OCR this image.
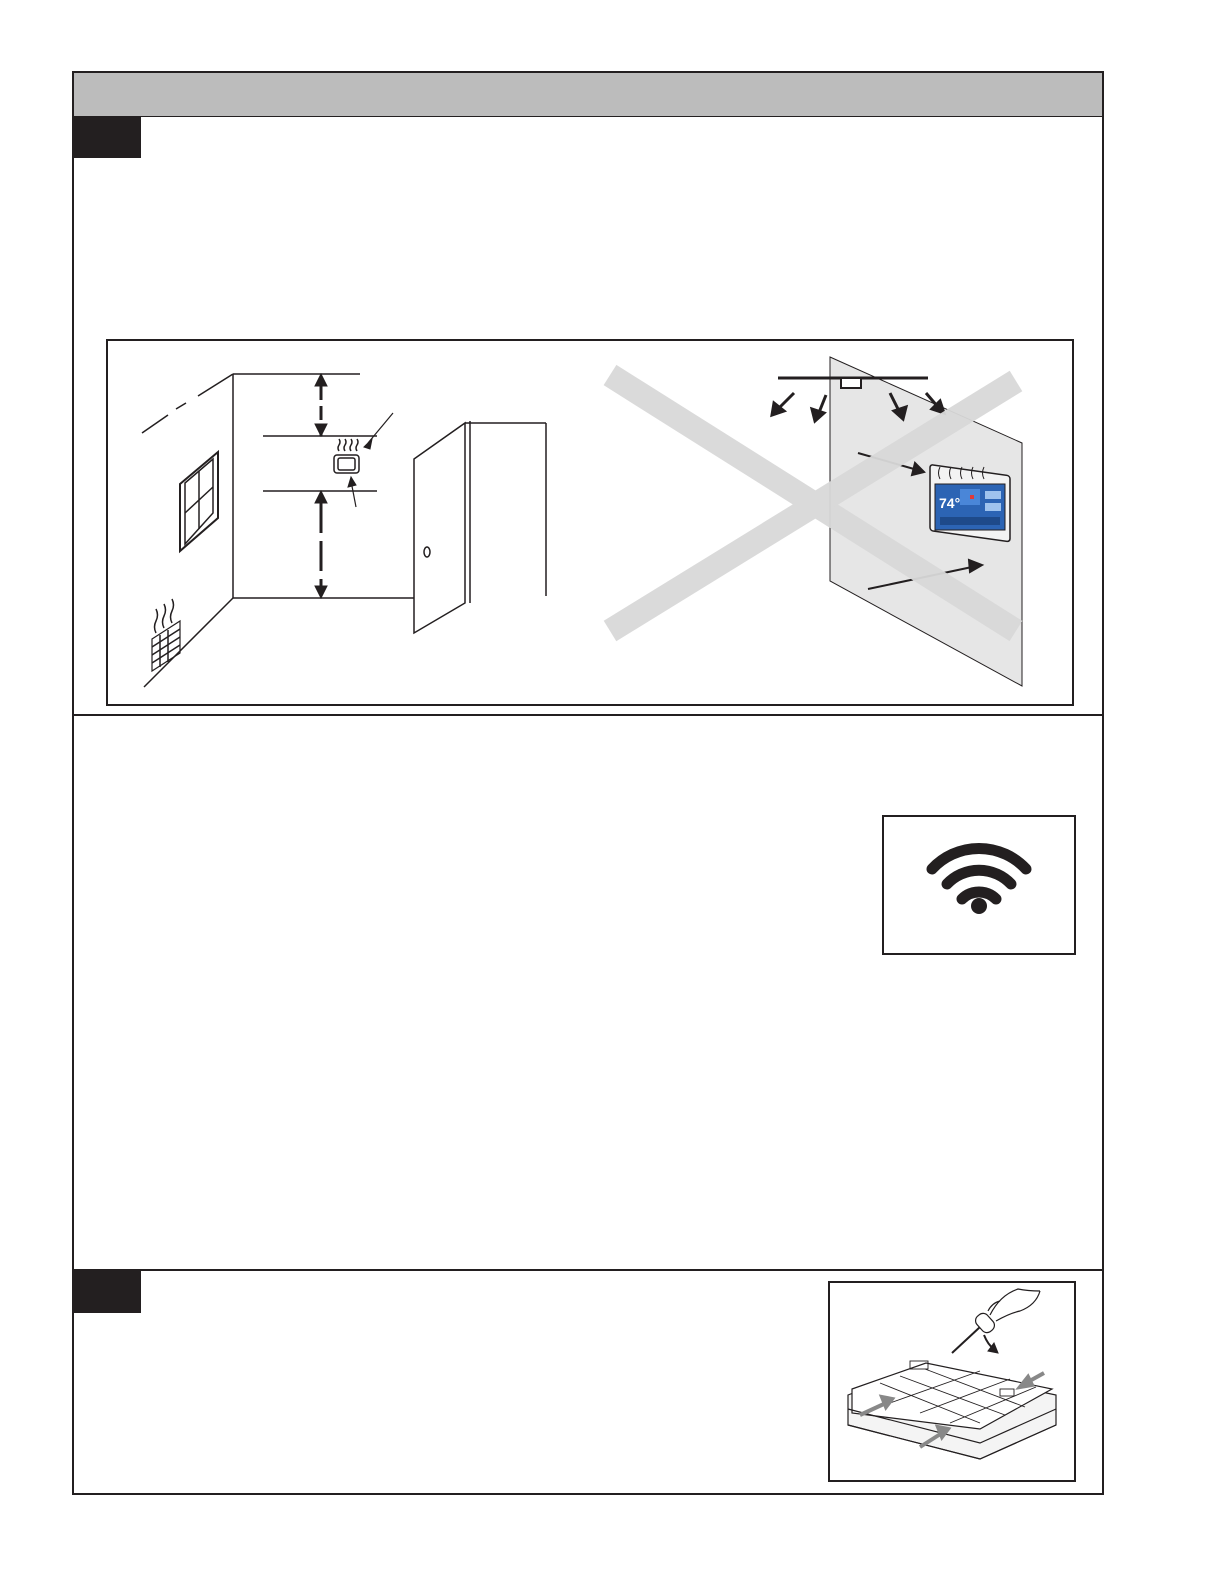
74°
